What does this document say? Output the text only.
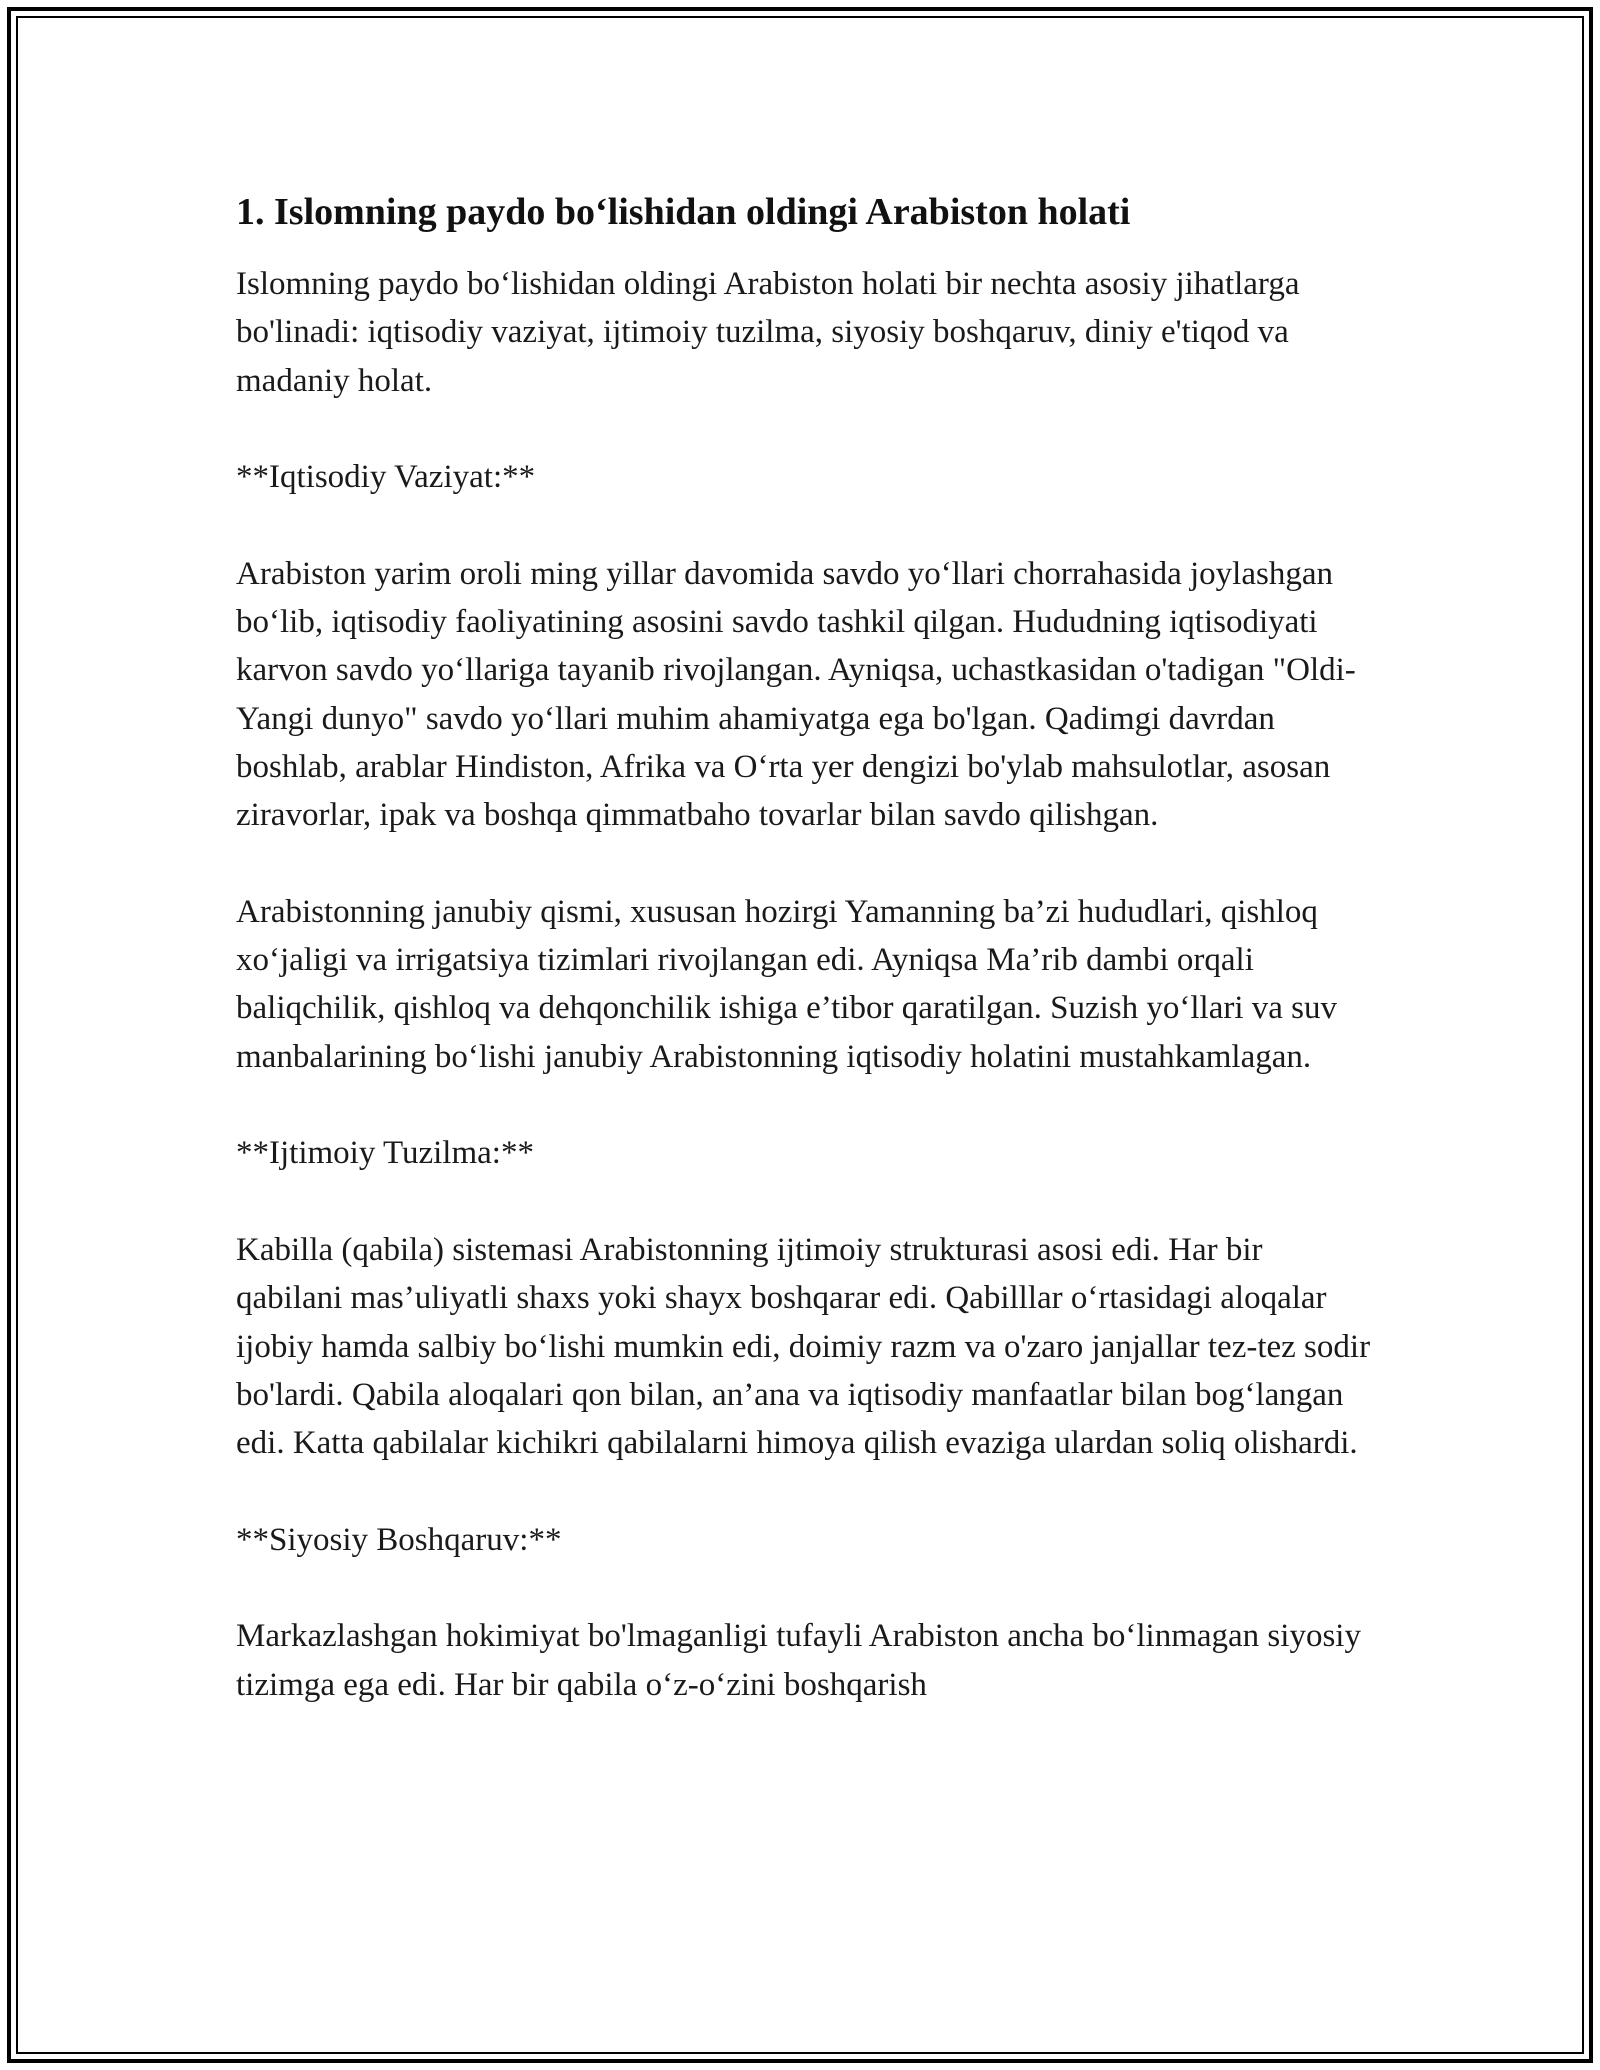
1. Islomning paydo bo‘lishidan oldingi Arabiston holati

Islomning paydo bo‘lishidan oldingi Arabiston holati bir nechta asosiy jihatlarga bo'linadi: iqtisodiy vaziyat, ijtimoiy tuzilma, siyosiy boshqaruv, diniy e'tiqod va madaniy holat.

**Iqtisodiy Vaziyat:**

Arabiston yarim oroli ming yillar davomida savdo yo‘llari chorrahasida joylashgan bo‘lib, iqtisodiy faoliyatining asosini savdo tashkil qilgan. Hududning iqtisodiyati karvon savdo yo‘llariga tayanib rivojlangan. Ayniqsa, uchastkasidan o'tadigan "Oldi-Yangi dunyo" savdo yo‘llari muhim ahamiyatga ega bo'lgan. Qadimgi davrdan boshlab, arablar Hindiston, Afrika va O‘rta yer dengizi bo'ylab mahsulotlar, asosan ziravorlar, ipak va boshqa qimmatbaho tovarlar bilan savdo qilishgan.

Arabistonning janubiy qismi, xususan hozirgi Yamanning ba’zi hududlari, qishloq xo‘jaligi va irrigatsiya tizimlari rivojlangan edi. Ayniqsa Ma’rib dambi orqali baliqchilik, qishloq va dehqonchilik ishiga e’tibor qaratilgan. Suzish yo‘llari va suv manbalarining bo‘lishi janubiy Arabistonning iqtisodiy holatini mustahkamlagan.

**Ijtimoiy Tuzilma:**

Kabilla (qabila) sistemasi Arabistonning ijtimoiy strukturasi asosi edi. Har bir qabilani mas’uliyatli shaxs yoki shayx boshqarar edi. Qabilllar o‘rtasidagi aloqalar ijobiy hamda salbiy bo‘lishi mumkin edi, doimiy razm va o'zaro janjallar tez-tez sodir bo'lardi. Qabila aloqalari qon bilan, an’ana va iqtisodiy manfaatlar bilan bog‘langan edi. Katta qabilalar kichikri qabilalarni himoya qilish evaziga ulardan soliq olishardi.

**Siyosiy Boshqaruv:**

Markazlashgan hokimiyat bo'lmaganligi tufayli Arabiston ancha bo‘linmagan siyosiy tizimga ega edi. Har bir qabila o‘z-o‘zini boshqarish
